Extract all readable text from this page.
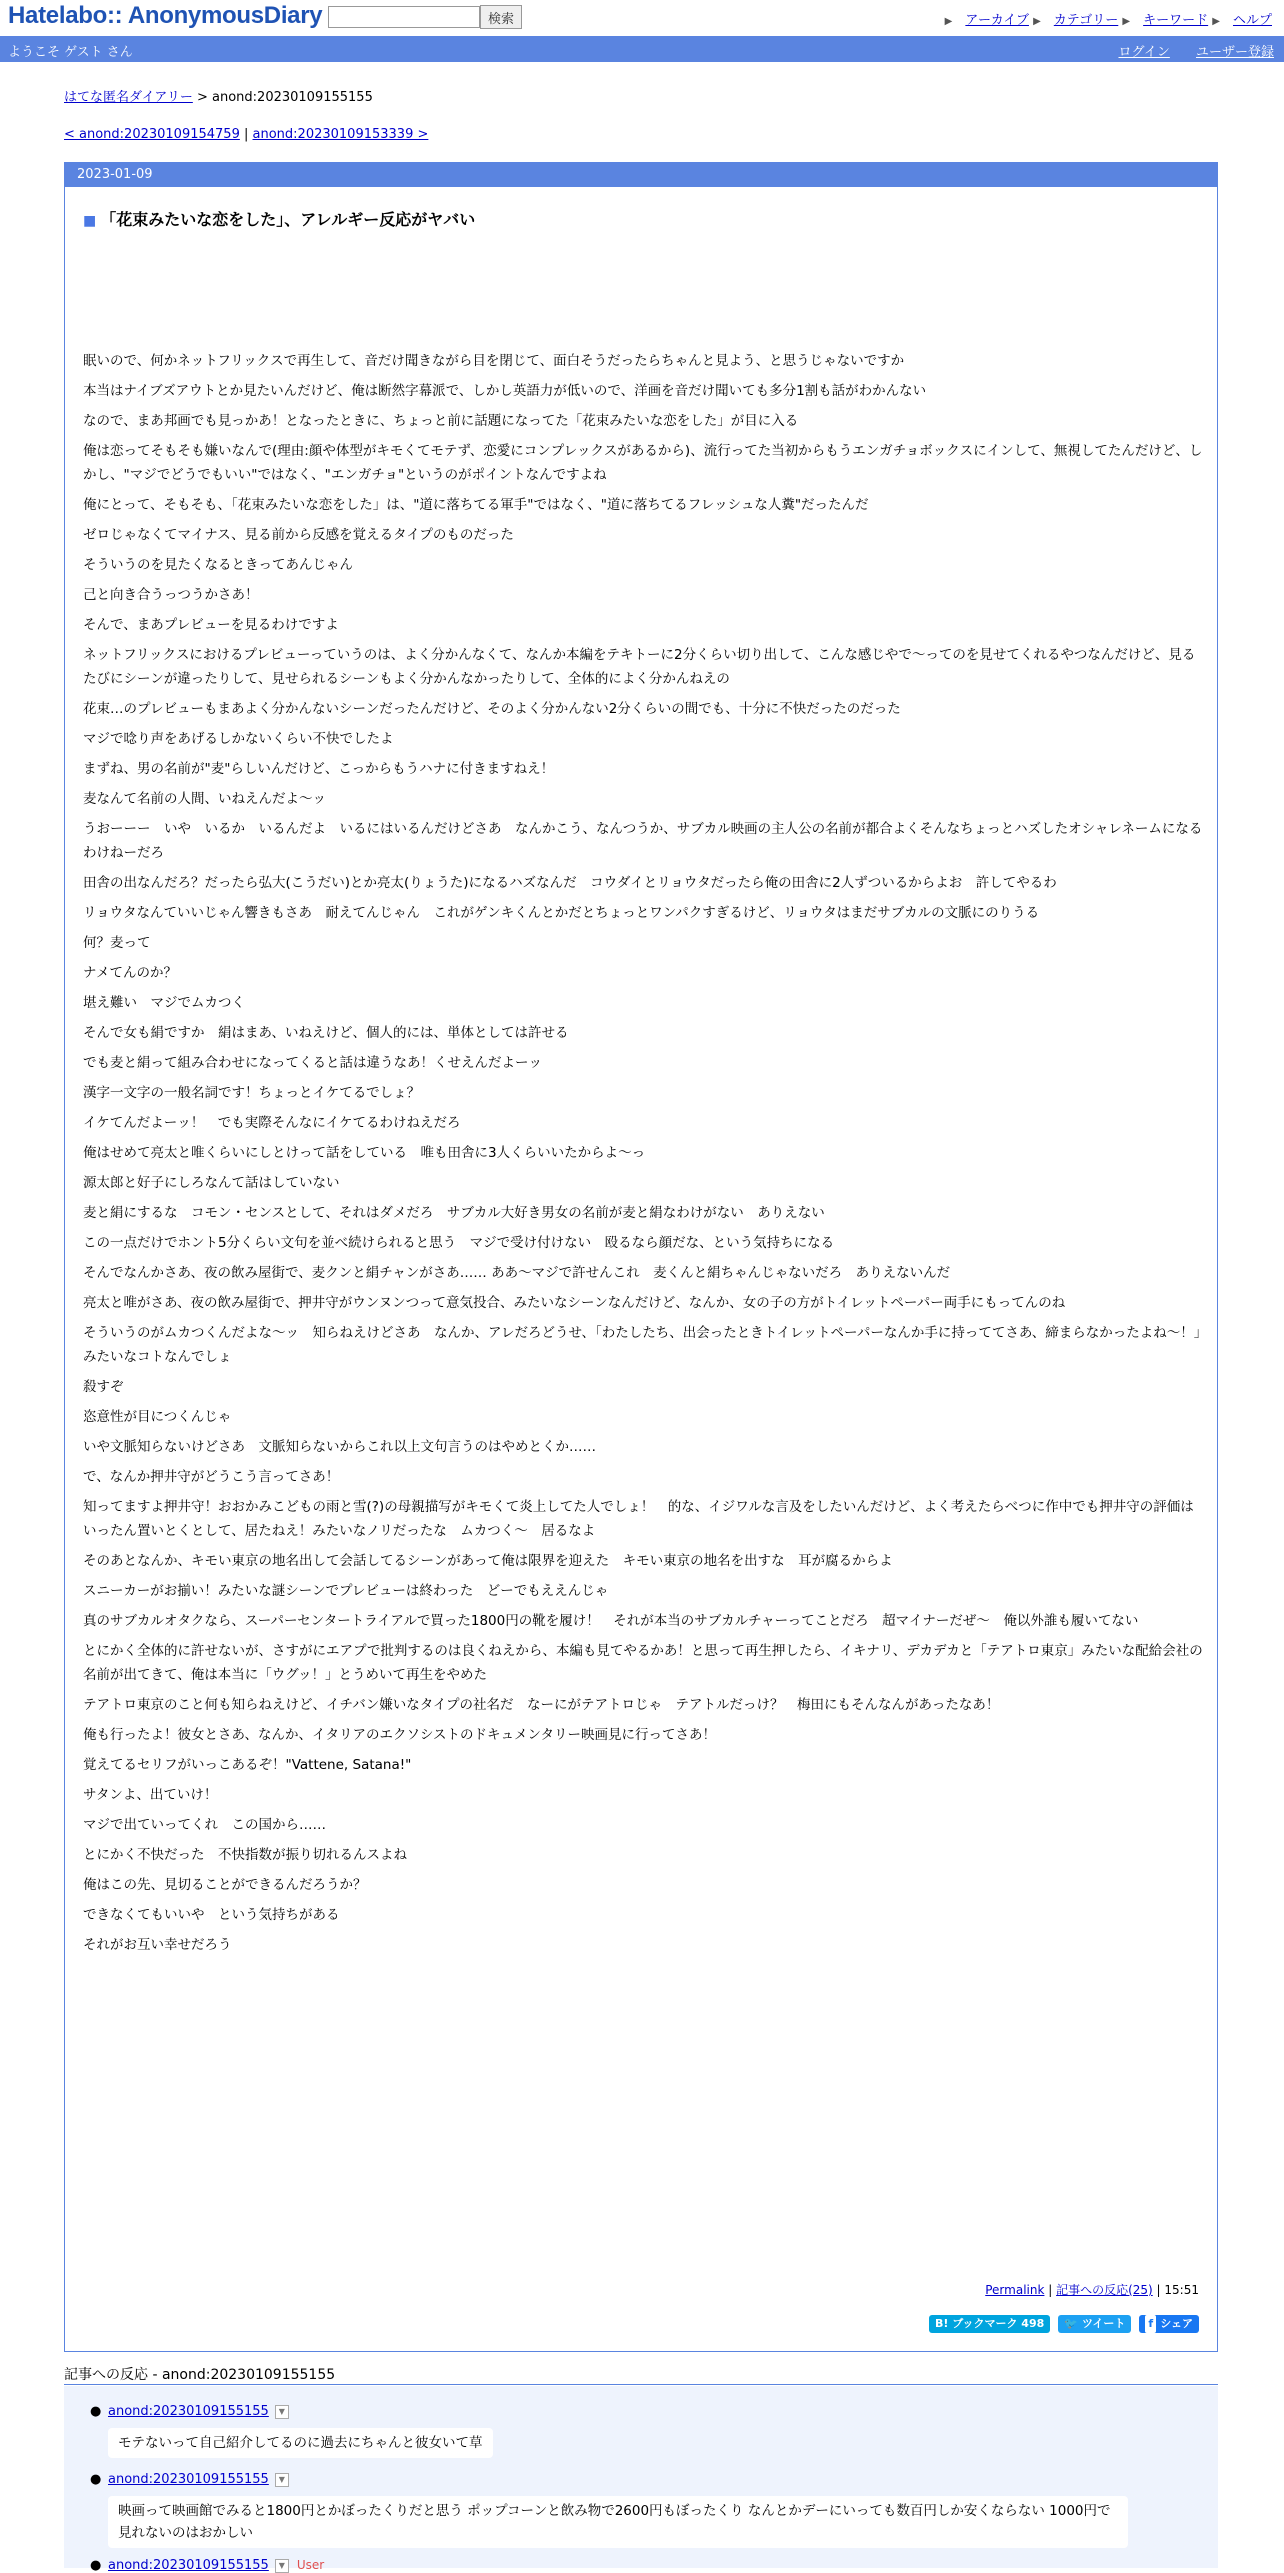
Hatelabo:: AnonymousDiary	検索	▶ アーカイブ ▶ カテゴリー ▶ キーワード ▶ ヘルプ
ようこそ ゲスト さん	ログイン ユーザー登録
はてな匿名ダイアリー > anond:20230109155155
< anond:20230109154759 | anond:20230109153339 >
2023-01-09
■ 「花束みたいな恋をした」、アレルギー反応がヤバい

眠いので、何かネットフリックスで再生して、音だけ聞きながら目を閉じて、面白そうだったらちゃんと見よう、と思うじゃないですか

本当はナイブズアウトとか見たいんだけど、俺は断然字幕派で、しかし英語力が低いので、洋画を音だけ聞いても多分1割も話がわかんない

なので、まあ邦画でも見っかあ！となったときに、ちょっと前に話題になってた「花束みたいな恋をした」が目に入る

俺は恋ってそもそも嫌いなんで(理由:顔や体型がキモくてモテず、恋愛にコンプレックスがあるから)、流行ってた当初からもうエンガチョボックスにインして、無視してたんだけど、しかし、"マジでどうでもいい"ではなく、"エンガチョ"というのがポイントなんですよね

俺にとって、そもそも、「花束みたいな恋をした」は、"道に落ちてる軍手"ではなく、"道に落ちてるフレッシュな人糞"だったんだ

ゼロじゃなくてマイナス、見る前から反感を覚えるタイプのものだった

そういうのを見たくなるときってあんじゃん

己と向き合うっつうかさあ！

そんで、まあプレビューを見るわけですよ

ネットフリックスにおけるプレビューっていうのは、よく分かんなくて、なんか本編をテキトーに2分くらい切り出して、こんな感じやで〜ってのを見せてくれるやつなんだけど、見るたびにシーンが違ったりして、見せられるシーンもよく分かんなかったりして、全体的によく分かんねえの

花束…のプレビューもまあよく分かんないシーンだったんだけど、そのよく分かんない2分くらいの間でも、十分に不快だったのだった

マジで唸り声をあげるしかないくらい不快でしたよ

まずね、男の名前が"麦"らしいんだけど、こっからもうハナに付きますねえ！

麦なんて名前の人間、いねえんだよ〜ッ

うおーーー　いや　いるか　いるんだよ　いるにはいるんだけどさあ　なんかこう、なんつうか、サブカル映画の主人公の名前が都合よくそんなちょっとハズしたオシャレネームになるわけねーだろ

田舎の出なんだろ？だったら弘大(こうだい)とか亮太(りょうた)になるハズなんだ　コウダイとリョウタだったら俺の田舎に2人ずついるからよお　許してやるわ

リョウタなんていいじゃん響きもさあ　耐えてんじゃん　これがゲンキくんとかだとちょっとワンパクすぎるけど、リョウタはまだサブカルの文脈にのりうる

何？麦って

ナメてんのか？

堪え難い　マジでムカつく

そんで女も絹ですか　絹はまあ、いねえけど、個人的には、単体としては許せる

でも麦と絹って組み合わせになってくると話は違うなあ！くせえんだよーッ

漢字一文字の一般名詞です！ちょっとイケてるでしょ？

イケてんだよーッ！　でも実際そんなにイケてるわけねえだろ

俺はせめて亮太と唯くらいにしとけって話をしている　唯も田舎に3人くらいいたからよ〜っ

源太郎と好子にしろなんて話はしていない

麦と絹にするな　コモン・センスとして、それはダメだろ　サブカル大好き男女の名前が麦と絹なわけがない　ありえない

この一点だけでホント5分くらい文句を並べ続けられると思う　マジで受け付けない　殴るなら顔だな、という気持ちになる

そんでなんかさあ、夜の飲み屋街で、麦クンと絹チャンがさあ…… ああ〜マジで許せんこれ　麦くんと絹ちゃんじゃないだろ　ありえないんだ

亮太と唯がさあ、夜の飲み屋街で、押井守がウンヌンつって意気投合、みたいなシーンなんだけど、なんか、女の子の方がトイレットペーパー両手にもってんのね

そういうのがムカつくんだよな〜ッ　知らねえけどさあ　なんか、アレだろどうせ、「わたしたち、出会ったときトイレットペーパーなんか手に持っててさあ、締まらなかったよね〜！」みたいなコトなんでしょ

殺すぞ

恣意性が目につくんじゃ

いや文脈知らないけどさあ　文脈知らないからこれ以上文句言うのはやめとくか……

で、なんか押井守がどうこう言ってさあ！

知ってますよ押井守！おおかみこどもの雨と雪(?)の母親描写がキモくて炎上してた人でしょ！　的な、イジワルな言及をしたいんだけど、よく考えたらべつに作中でも押井守の評価はいったん置いとくとして、居たねえ！みたいなノリだったな　ムカつく〜　居るなよ

そのあとなんか、キモい東京の地名出して会話してるシーンがあって俺は限界を迎えた　キモい東京の地名を出すな　耳が腐るからよ

スニーカーがお揃い！みたいな謎シーンでプレビューは終わった　どーでもええんじゃ

真のサブカルオタクなら、スーパーセンタートライアルで買った1800円の靴を履け！　それが本当のサブカルチャーってことだろ　超マイナーだぜ〜　俺以外誰も履いてない

とにかく全体的に許せないが、さすがにエアプで批判するのは良くねえから、本編も見てやるかあ！と思って再生押したら、イキナリ、デカデカと「テアトロ東京」みたいな配給会社の名前が出てきて、俺は本当に「ウグッ！」とうめいて再生をやめた

テアトロ東京のこと何も知らねえけど、イチバン嫌いなタイプの社名だ　なーにがテアトロじゃ　テアトルだっけ？　梅田にもそんなんがあったなあ！

俺も行ったよ！彼女とさあ、なんか、イタリアのエクソシストのドキュメンタリー映画見に行ってさあ！

覚えてるセリフがいっこあるぞ！"Vattene, Satana!"

サタンよ、出ていけ！

マジで出ていってくれ　この国から……

とにかく不快だった　不快指数が振り切れるんスよね

俺はこの先、見切ることができるんだろうか？

できなくてもいいや　という気持ちがある

それがお互い幸せだろう

Permalink | 記事への反応(25) | 15:51
B! ブックマーク 498	🐦 ツイート	f シェア
記事への反応 - anond:20230109155155
● anond:20230109155155 ▼
モテないって自己紹介してるのに過去にちゃんと彼女いて草
● anond:20230109155155 ▼
映画って映画館でみると1800円とかぼったくりだと思う ポップコーンと飲み物で2600円もぼったくり なんとかデーにいっても数百円しか安くならない 1000円で見れないのはおかしい
● anond:20230109155155 ▼ User
